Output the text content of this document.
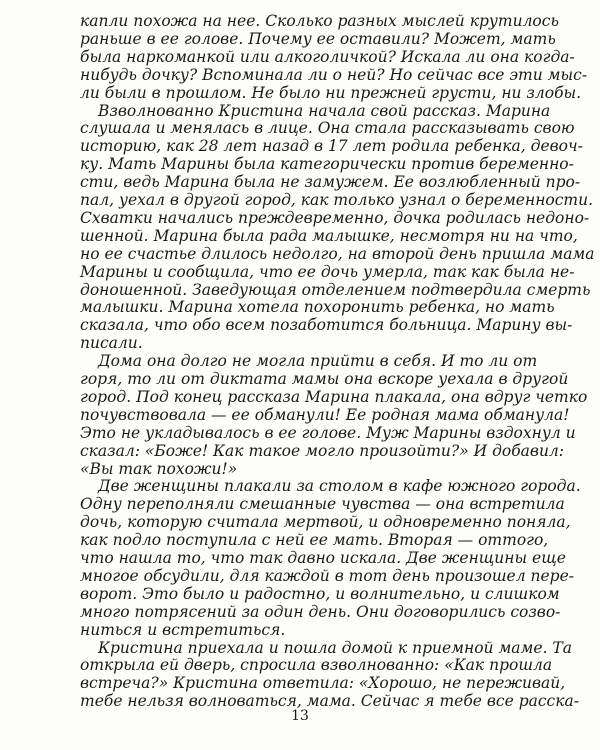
капли похожа на нее. Сколько разных мыслей крутилось
раньше в ее голове. Почему ее оставили? Может, мать
была наркоманкой или алкоголичкой? Искала ли она когда-
нибудь дочку? Вспоминала ли о ней? Но сейчас все эти мыс-
ли были в прошлом. Не было ни прежней грусти, ни злобы.
Взволнованно Кристина начала свой рассказ. Марина
слушала и менялась в лице. Она стала рассказывать свою
историю, как 28 лет назад в 17 лет родила ребенка, девоч-
ку. Мать Марины была категорически против беременно-
сти, ведь Марина была не замужем. Ее возлюбленный про-
пал, уехал в другой город, как только узнал о беременности.
Схватки начались преждевременно, дочка родилась недоно-
шенной. Марина была рада малышке, несмотря ни на что,
но ее счастье длилось недолго, на второй день пришла мама
Марины и сообщила, что ее дочь умерла, так как была не-
доношенной. Заведующая отделением подтвердила смерть
малышки. Марина хотела похоронить ребенка, но мать
сказала, что обо всем позаботится больница. Марину вы-
писали.
Дома она долго не могла прийти в себя. И то ли от
горя, то ли от диктата мамы она вскоре уехала в другой
город. Под конец рассказа Марина плакала, она вдруг четко
почувствовала — ее обманули! Ее родная мама обманула!
Это не укладывалось в ее голове. Муж Марины вздохнул и
сказал: «Боже! Как такое могло произойти?» И добавил:
«Вы так похожи!»
Две женщины плакали за столом в кафе южного города.
Одну переполняли смешанные чувства — она встретила
дочь, которую считала мертвой, и одновременно поняла,
как подло поступила с ней ее мать. Вторая — оттого,
что нашла то, что так давно искала. Две женщины еще
многое обсудили, для каждой в тот день произошел пере-
ворот. Это было и радостно, и волнительно, и слишком
много потрясений за один день. Они договорились созво-
ниться и встретиться.
Кристина приехала и пошла домой к приемной маме. Та
открыла ей дверь, спросила взволнованно: «Как прошла
встреча?» Кристина ответила: «Хорошо, не переживай,
тебе нельзя волноваться, мама. Сейчас я тебе все расска-
13
